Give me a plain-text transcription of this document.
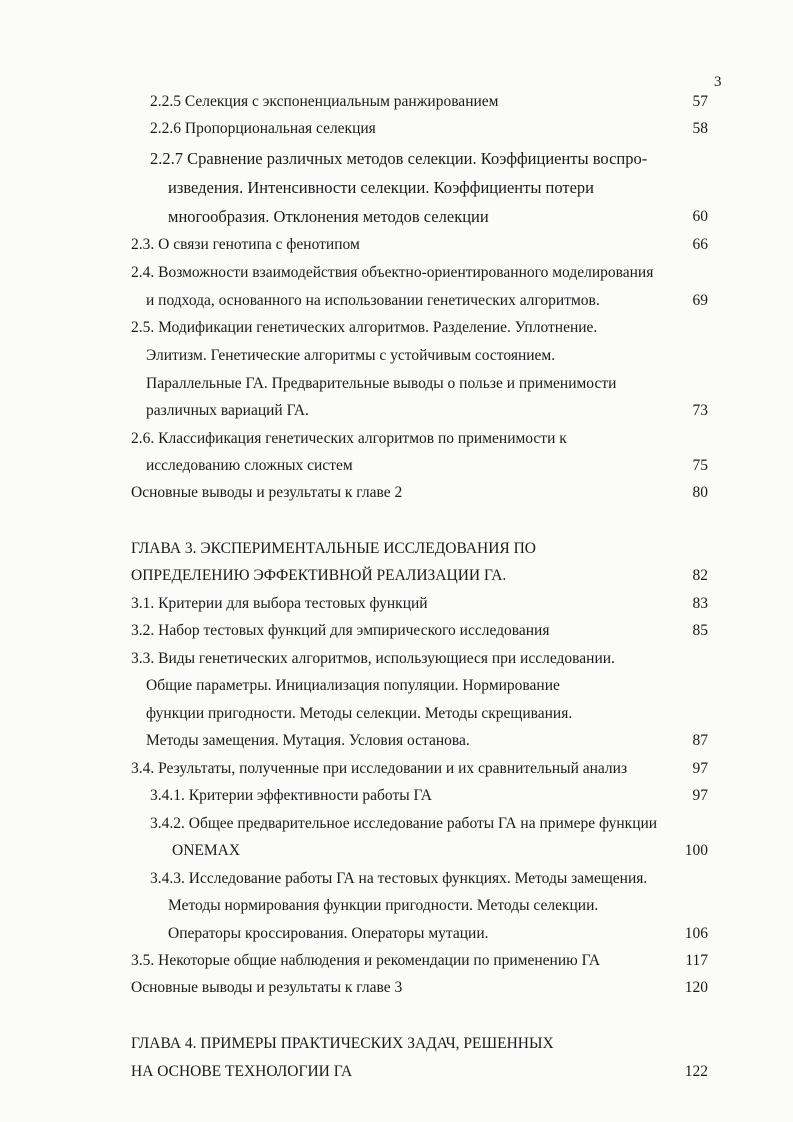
3
2.2.5 Селекция с экспоненциальным ранжированием	57
2.2.6 Пропорциональная селекция	58
2.2.7 Сравнение различных методов селекции. Коэффициенты воспро-
изведения. Интенсивности селекции. Коэффициенты потери
многообразия. Отклонения методов селекции	60
2.3. О связи генотипа с фенотипом	66
2.4. Возможности взаимодействия объектно-ориентированного моделирования
и подхода, основанного на использовании генетических алгоритмов.	69
2.5. Модификации генетических алгоритмов. Разделение. Уплотнение.
Элитизм. Генетические алгоритмы с устойчивым состоянием.
Параллельные ГА. Предварительные выводы о пользе и применимости
различных вариаций ГА.	73
2.6. Классификация генетических алгоритмов по применимости к
исследованию сложных систем	75
Основные выводы и результаты к главе 2	80
ГЛАВА 3. ЭКСПЕРИМЕНТАЛЬНЫЕ ИССЛЕДОВАНИЯ ПО
ОПРЕДЕЛЕНИЮ ЭФФЕКТИВНОЙ РЕАЛИЗАЦИИ ГА.	82
3.1. Критерии для выбора тестовых функций	83
3.2. Набор тестовых функций для эмпирического исследования	85
3.3. Виды генетических алгоритмов, использующиеся при исследовании.
Общие параметры. Инициализация популяции. Нормирование
функции пригодности. Методы селекции. Методы скрещивания.
Методы замещения. Мутация. Условия останова.	87
3.4. Результаты, полученные при исследовании и их сравнительный анализ	97
3.4.1. Критерии эффективности работы ГА	97
3.4.2. Общее предварительное исследование работы ГА на примере функции
ONEMAX	100
3.4.3. Исследование работы ГА на тестовых функциях. Методы замещения.
Методы нормирования функции пригодности. Методы селекции.
Операторы кроссирования. Операторы мутации.	106
3.5. Некоторые общие наблюдения и рекомендации по применению ГА	117
Основные выводы и результаты к главе 3	120
ГЛАВА 4. ПРИМЕРЫ ПРАКТИЧЕСКИХ ЗАДАЧ, РЕШЕННЫХ
НА ОСНОВЕ ТЕХНОЛОГИИ ГА	122
